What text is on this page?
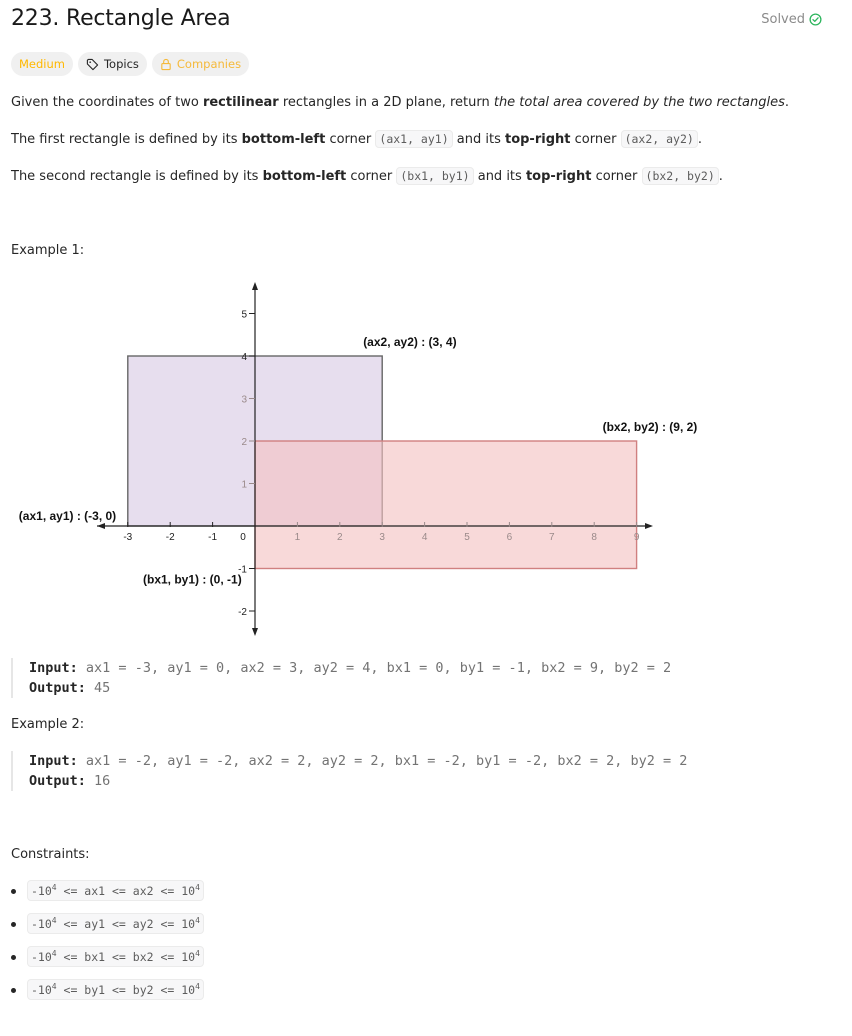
223. Rectangle Area	Solved
Medium	Topics	Companies
Given the coordinates of two rectilinear rectangles in a 2D plane, return the total area covered by the two rectangles.
The first rectangle is defined by its bottom-left corner (ax1, ay1) and its top-right corner (ax2, ay2) .
The second rectangle is defined by its bottom-left corner (bx1, by1) and its top-right corner (bx2, by2) .
Example 1:
-3	-2	-1 0	1	2	3	4	5	6	7	8	9
-2
-1
1
2
3
4
5
(ax1, ay1) : (-3, 0)
(ax2, ay2) : (3, 4)
(bx1, by1) : (0, -1)
(bx2, by2) : (9, 2)
Input: ax1 = -3, ay1 = 0, ax2 = 3, ay2 = 4, bx1 = 0, by1 = -1, bx2 = 9, by2 = 2
Output: 45
Example 2:
Input: ax1 = -2, ay1 = -2, ax2 = 2, ay2 = 2, bx1 = -2, by1 = -2, bx2 = 2, by2 = 2
Output: 16
Constraints:
$-10^4 <= ax1 <= ax2 <= 10^4$
$-10^4 <= ay1 <= ay2 <= 10^4$
$-10^4 <= bx1 <= bx2 <= 10^4$
$-10^4 <= by1 <= by2 <= 10^4$
